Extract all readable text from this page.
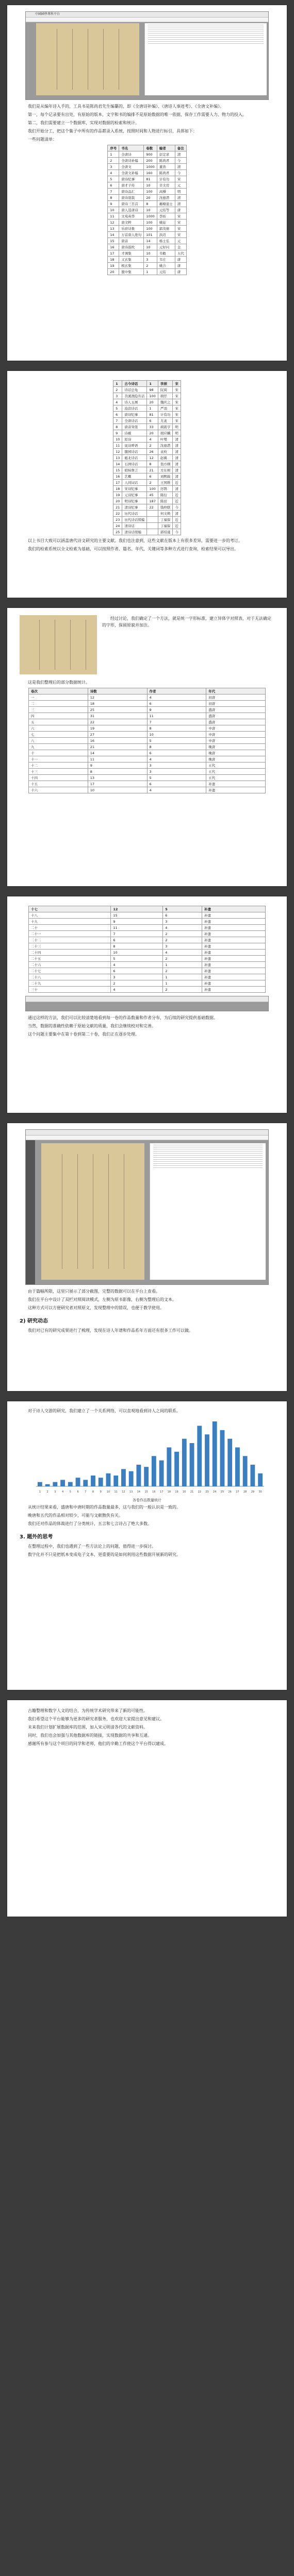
中國國學專科平台

我们是从编年诗入手的，工具书是陈尚君先生编纂的，即《全唐诗补编》、《唐诗人事迹考》、《全唐文补编》。

第一，每个记录要有出处，有原始的版本，文字和书的编排不是原始数据的唯一依据，保存工作需要人力、物力的投入。

第二，我们需要建立一个数据库，实现对数据的检索和统计。

我们开始分工，把这个集子中所有的作品都录入系统，按照时间和人物进行标引，具体如下：

一些问题清单：

序号	书名	卷数	编者	备注
1	全唐诗	900	彭定求	清
2	全唐诗补编	200	陈尚君	今
3	全唐文	1000	董诰	清
4	全唐文补编	160	陈尚君	今
5	唐诗纪事	81	计有功	宋
6	唐才子传	10	辛文房	元
7	唐诗品汇	100	高棅	明
8	唐诗别裁	20	沈德潜	清
9	唐诗三百首	8	蘅塘退士	清
10	唐人选唐诗	10	元结等	唐
11	文苑英华	1000	李昉	宋
12	唐文粹	100	姚铉	宋
13	乐府诗集	100	郭茂倩	宋
14	万首唐人绝句	101	洪迈	宋
15	唐音	14	杨士弘	元
16	唐诗鼓吹	10	元好问	金
17	才调集	10	韦縠	五代
18	又玄集	3	韦庄	唐
19	极玄集	2	姚合	唐
20	箧中集	1	元结	唐
1	古今诗话	1	李颀	宋
2	诗话总龟	98	阮阅	宋
3	苕溪渔隐丛话	100	胡仔	宋
4	诗人玉屑	20	魏庆之	宋
5	沧浪诗话	1	严羽	宋
6	唐诗纪事	81	计有功	宋
7	全唐诗话	6	尤袤	宋
8	唐音癸签	33	胡震亨	明
9	诗薮	20	胡应麟	明
10	原诗	4	叶燮	清
11	说诗晬语	2	沈德潜	清
12	随园诗话	26	袁枚	清
13	瓯北诗话	12	赵翼	清
14	石洲诗话	8	翁方纲	清
15	昭昧詹言	21	方东树	清
16	艺概	6	刘熙载	清
17	人间词话	2	王国维	近
18	宋诗纪事	100	厉鹗	清
19	元诗纪事	45	陈衍	近
20	明诗纪事	187	陈田	近
21	清诗纪事	22	钱仲联	今
22	历代诗话		何文焕	清
23	历代诗话续编		丁福保	近
24	清诗话		丁福保	近
25	清诗话续编		郭绍虞	今

以上书目大致可以涵盖唐代诗文研究的主要文献。我们也注意到，这些文献在版本上有很多差异，需要进一步的考订。

我们的检索系统以全文检索为基础，可以按照作者、篇名、年代、关键词等多种方式进行查询，检索结果可以导出。

经过讨论，我们确定了一个方法，就是统一字形标准，建立异体字对照表，对于无法确定的字形，保留原貌并加注。

这是我们整理后的部分数据统计。

卷次	诗数	作者	年代
一	12	4	初唐
二	18	6	初唐
三	25	9	盛唐
四	31	11	盛唐
五	22	7	盛唐
六	19	8	中唐
七	27	10	中唐
八	16	5	中唐
九	21	8	晚唐
十	14	6	晚唐
十一	11	4	晚唐
十二	9	3	五代
十三	8	3	五代
十四	13	5	五代
十五	17	6	补遗
十六	10	4	补遗
十七	12	5	补遗
十八	15	6	补遗
十九	9	3	补遗
二十	11	4	补遗
二十一	7	2	补遗
二十二	6	2	补遗
二十三	8	3	补遗
二十四	10	4	补遗
二十五	5	2	补遗
二十六	4	1	补遗
二十七	6	2	补遗
二十八	3	1	补遗
二十九	2	1	补遗
三十	4	2	补遗

通过这样的方法，我们可以比较清楚地看到每一卷的作品数量和作者分布，为后续的研究提供基础数据。

当然，数据的准确性依赖于原始文献的质量，我们会继续校对和完善。

这个问题主要集中在第十卷到第二十卷，我们正在逐步处理。

由于篇幅所限，这里只展示了部分截图，完整的数据可以在平台上查看。

我们在平台中设计了双栏对照阅读模式，左侧为原书影像，右侧为整理后的文本。

这种方式可以方便研究者对照原文，发现整理中的错误，也便于教学使用。

2) 研究动态

我们对已有的研究成果进行了梳理，发现在诗人年谱和作品系年方面还有很多工作可以做。

对于诗人交游的研究，我们建立了一个关系网络，可以直观地看到诗人之间的联系。

1 2 3 4 5 6 7 8 9 10 11 12 13 14 15 16 17 18 19 20 21 22 23 24 25 26 27 28 29 30
各卷作品数量统计

从统计结果来看，盛唐和中唐时期的作品数量最多，这与我们的一般认识是一致的。

晚唐和五代的作品相对较少，可能与文献散佚有关。

我们还对作品的体裁进行了分类统计，五言和七言诗占了绝大多数。

3. 题外的思考

在整理过程中，我们也遇到了一些方法论上的问题，值得进一步探讨。

数字化并不只是把纸本变成电子文本，更重要的是如何利用这些数据开展新的研究。

古籍整理和数字人文的结合，为传统学术研究带来了新的可能性。

我们希望这个平台能够为更多的研究者服务，也欢迎大家提出意见和建议。

未来我们计划扩展数据库的范围，加入宋元明清各代的文献资料。

同时，我们也会加强与其他数据库的链接，实现数据的共享和互通。

感谢所有参与这个项目的同学和老师，他们的辛勤工作使这个平台得以建成。
